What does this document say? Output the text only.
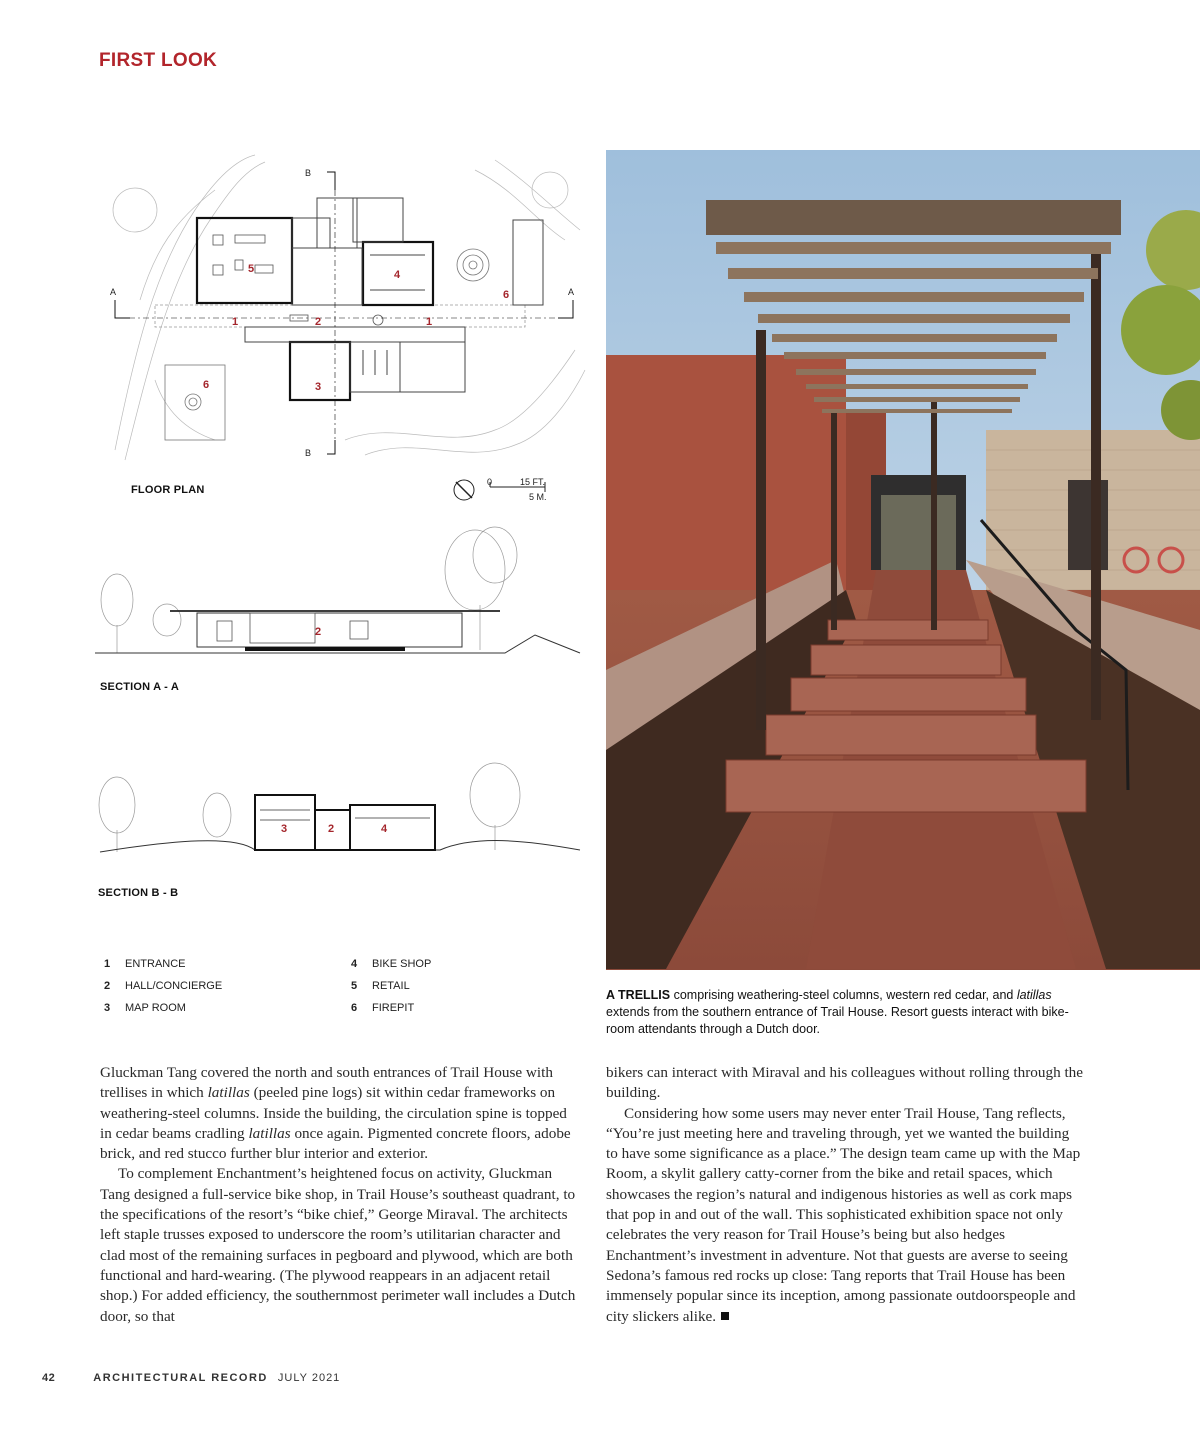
FIRST LOOK
A	A
B
B
1	1
2
3
4
5
6
6
0	15 FT.
5 M.
FLOOR PLAN
2
SECTION A - A
3	2	4
SECTION B - B
1 ENTRANCE
2 HALL/CONCIERGE
3 MAP ROOM
4 BIKE SHOP
5 RETAIL
6 FIREPIT
A TRELLIS comprising weathering-steel columns, western red cedar, and latillas extends from the southern entrance of Trail House. Resort guests interact with bike-room attendants through a Dutch door.

Gluckman Tang covered the north and south entrances of Trail House with trellises in which latillas (peeled pine logs) sit within cedar frameworks on weathering-steel columns. Inside the building, the circulation spine is topped in cedar beams cradling latillas once again. Pigmented concrete floors, adobe brick, and red stucco further blur interior and exterior.

To complement Enchantment’s heightened focus on activity, Gluckman Tang designed a full-service bike shop, in Trail House’s southeast quadrant, to the specifications of the resort’s “bike chief,” George Miraval. The architects left staple trusses exposed to underscore the room’s utilitarian character and clad most of the remaining surfaces in pegboard and plywood, which are both functional and hard-wearing. (The plywood reappears in an adjacent retail shop.) For added efficiency, the southernmost perimeter wall includes a Dutch door, so that

bikers can interact with Miraval and his colleagues without rolling through the building.

Considering how some users may never enter Trail House, Tang reflects, “You’re just meeting here and traveling through, yet we wanted the building to have some significance as a place.” The design team came up with the Map Room, a skylit gallery catty-corner from the bike and retail spaces, which showcases the region’s natural and indigenous histories as well as cork maps that pop in and out of the wall. This sophisticated exhibition space not only celebrates the very reason for Trail House’s being but also hedges Enchantment’s investment in adventure. Not that guests are averse to seeing Sedona’s famous red rocks up close: Tang reports that Trail House has been immensely popular since its inception, among passionate outdoorspeople and city slickers alike.

42	ARCHITECTURAL RECORD JULY 2021
